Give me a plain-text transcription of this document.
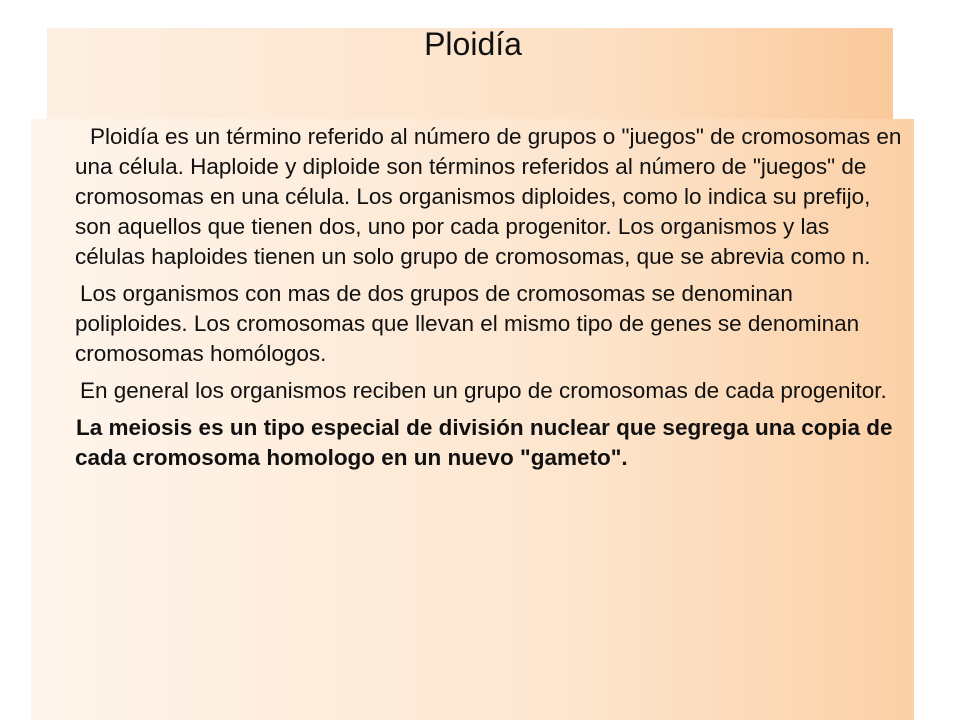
Ploidía

Ploidía es un término referido al número de grupos o "juegos" de cromosomas en una célula. Haploide y diploide son términos referidos al número de "juegos" de cromosomas en una célula. Los organismos diploides, como lo indica su prefijo, son aquellos que tienen dos, uno por cada progenitor. Los organismos y las células haploides tienen un solo grupo de cromosomas, que se abrevia como n.

Los organismos con mas de dos grupos de cromosomas se denominan poliploides. Los cromosomas que llevan el mismo tipo de genes se denominan cromosomas homólogos.

En general los organismos reciben un grupo de cromosomas de cada progenitor.

La meiosis es un tipo especial de división nuclear que segrega una copia de cada cromosoma homologo en un nuevo "gameto".
